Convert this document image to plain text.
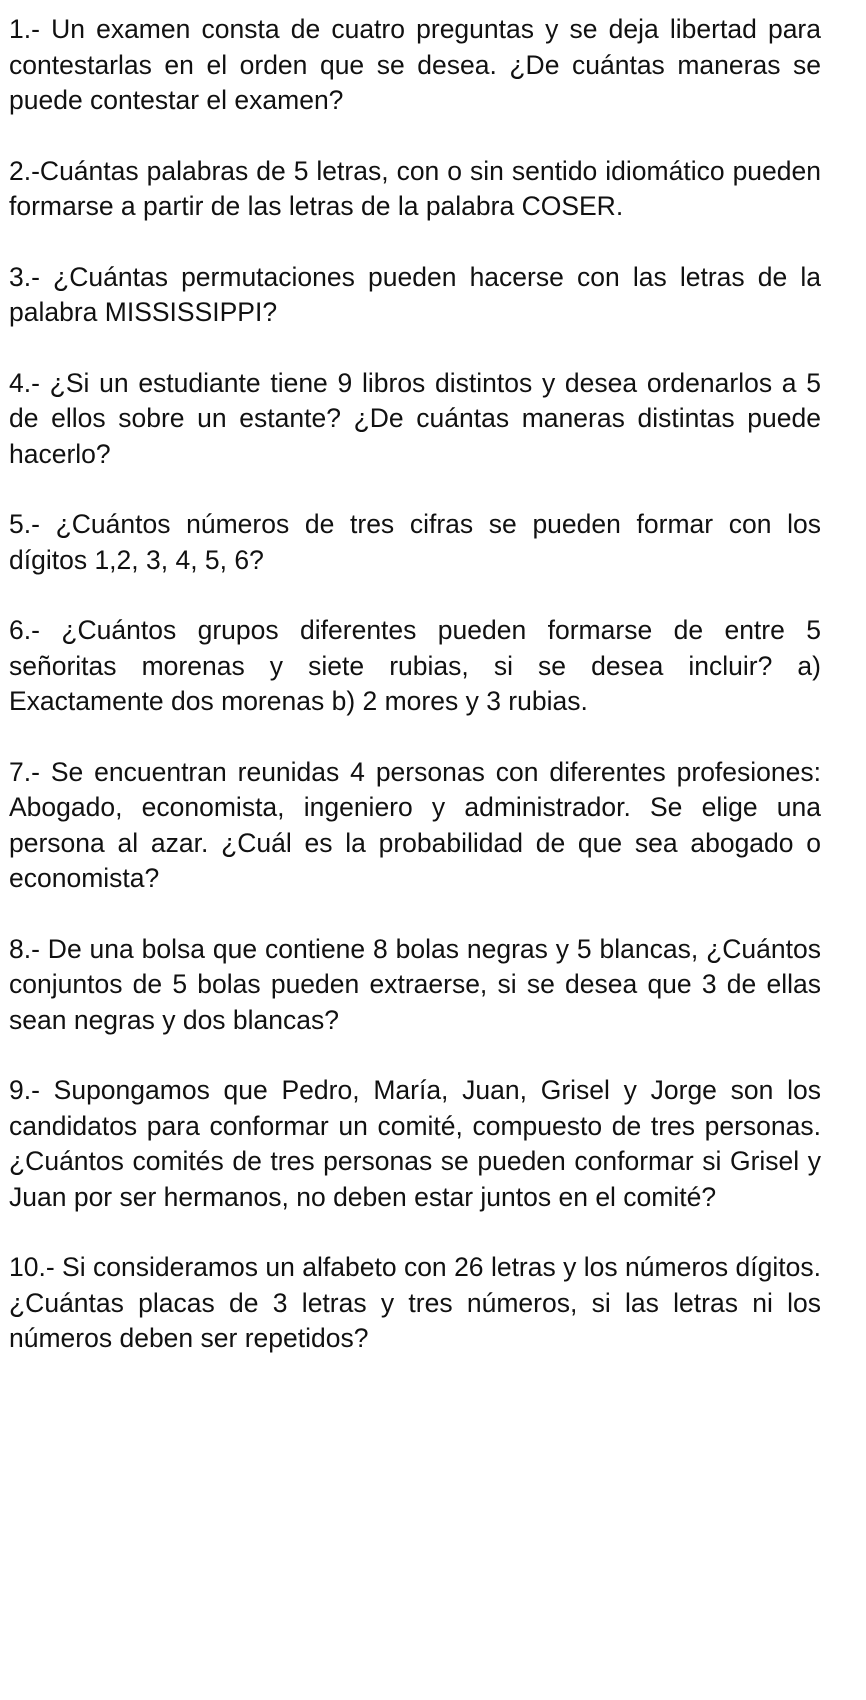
1.- Un examen consta de cuatro preguntas y se deja libertad para contestarlas en el orden que se desea. ¿De cuántas maneras se puede contestar el examen?

2.-Cuántas palabras de 5 letras, con o sin sentido idiomático pueden formarse a partir de las letras de la palabra COSER.

3.- ¿Cuántas permutaciones pueden hacerse con las letras de la palabra MISSISSIPPI?

4.- ¿Si un estudiante tiene 9 libros distintos y desea ordenarlos a 5 de ellos sobre un estante? ¿De cuántas maneras distintas puede hacerlo?

5.- ¿Cuántos números de tres cifras se pueden formar con los dígitos 1,2, 3, 4, 5, 6?

6.- ¿Cuántos grupos diferentes pueden formarse de entre 5 señoritas morenas y siete rubias, si se desea incluir? a) Exactamente dos morenas b) 2 mores y 3 rubias.

7.- Se encuentran reunidas 4 personas con diferentes profesiones: Abogado, economista, ingeniero y administrador. Se elige una persona al azar. ¿Cuál es la probabilidad de que sea abogado o economista?

8.- De una bolsa que contiene 8 bolas negras y 5 blancas, ¿Cuántos conjuntos de 5 bolas pueden extraerse, si se desea que 3 de ellas sean negras y dos blancas?

9.- Supongamos que Pedro, María, Juan, Grisel y Jorge son los candidatos para conformar un comité, compuesto de tres personas. ¿Cuántos comités de tres personas se pueden conformar si Grisel y Juan por ser hermanos, no deben estar juntos en el comité?

10.- Si consideramos un alfabeto con 26 letras y los números dígitos. ¿Cuántas placas de 3 letras y tres números, si las letras ni los números deben ser repetidos?
